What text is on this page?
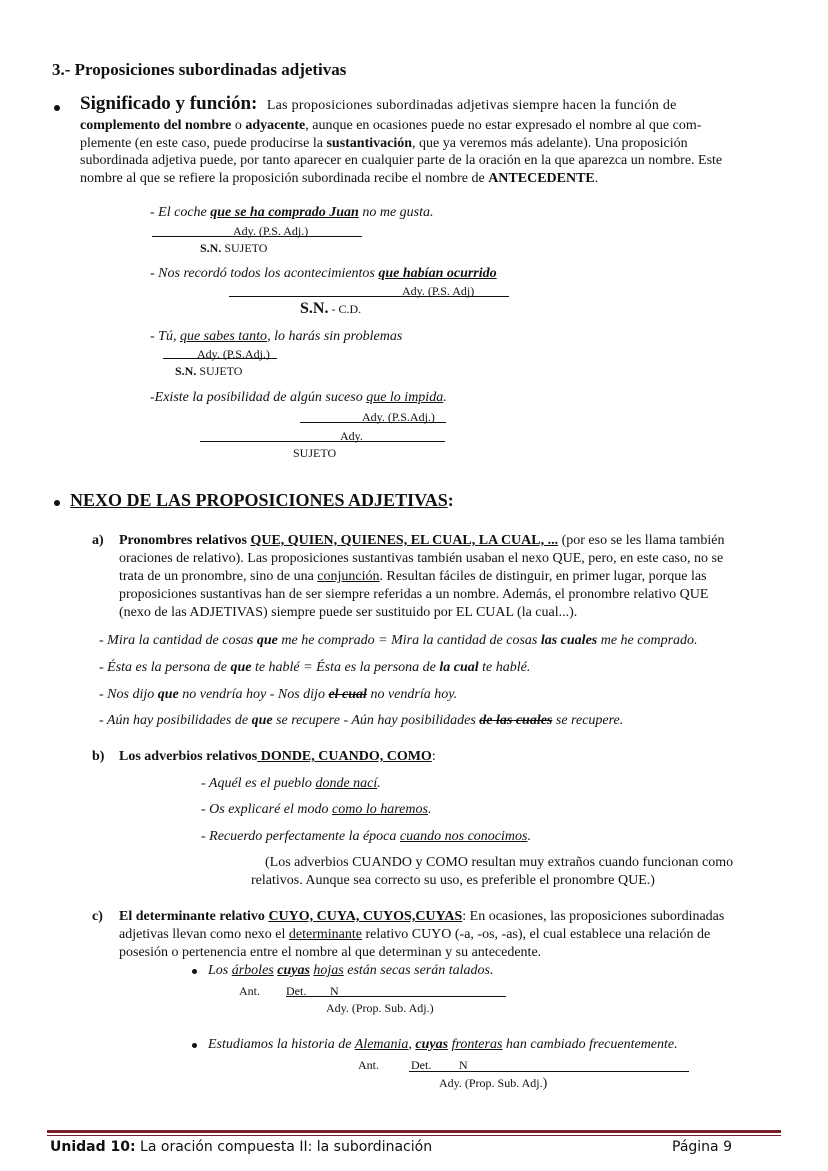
3.- Proposiciones subordinadas adjetivas
Significado y función: Las proposiciones subordinadas adjetivas siempre hacen la función de
complemento del nombre o adyacente, aunque en ocasiones puede no estar expresado el nombre al que com-
plemente (en este caso, puede producirse la sustantivación, que ya veremos más adelante). Una proposición
subordinada adjetiva puede, por tanto aparecer en cualquier parte de la oración en la que aparezca un nombre. Este
nombre al que se refiere la proposición subordinada recibe el nombre de ANTECEDENTE.
- El coche que se ha comprado Juan no me gusta.
Ady. (P.S. Adj.)
S.N. SUJETO
- Nos recordó todos los acontecimientos que habían ocurrido
Ady. (P.S. Adj)
S.N. - C.D.
- Tú, que sabes tanto, lo harás sin problemas
Ady. (P.S.Adj.)
S.N. SUJETO
-Existe la posibilidad de algún suceso que lo impida.
Ady. (P.S.Adj.)
Ady.
SUJETO
NEXO DE LAS PROPOSICIONES ADJETIVAS:
a) Pronombres relativos QUE, QUIEN, QUIENES, EL CUAL, LA CUAL, ... (por eso se les llama también
oraciones de relativo). Las proposiciones sustantivas también usaban el nexo QUE, pero, en este caso, no se
trata de un pronombre, sino de una conjunción. Resultan fáciles de distinguir, en primer lugar, porque las
proposiciones sustantivas han de ser siempre referidas a un nombre. Además, el pronombre relativo QUE
(nexo de las ADJETIVAS) siempre puede ser sustituido por EL CUAL (la cual...).
- Mira la cantidad de cosas que me he comprado = Mira la cantidad de cosas las cuales me he comprado.
- Ésta es la persona de que te hablé = Ésta es la persona de la cual te hablé.
- Nos dijo que no vendría hoy - Nos dijo el cual no vendría hoy.
- Aún hay posibilidades de que se recupere - Aún hay posibilidades de las cuales se recupere.
b) Los adverbios relativos DONDE, CUANDO, COMO:
- Aquél es el pueblo donde nací.
- Os explicaré el modo como lo haremos.
- Recuerdo perfectamente la época cuando nos conocimos.
(Los adverbios CUANDO y COMO resultan muy extraños cuando funcionan como
relativos. Aunque sea correcto su uso, es preferible el pronombre QUE.)
c) El determinante relativo CUYO, CUYA, CUYOS,CUYAS: En ocasiones, las proposiciones subordinadas
adjetivas llevan como nexo el determinante relativo CUYO (-a, -os, -as), el cual establece una relación de
posesión o pertenencia entre el nombre al que determinan y su antecedente.
Los árboles cuyas hojas están secas serán talados.
Ant. Det. N
Ady. (Prop. Sub. Adj.)
Estudiamos la historia de Alemania, cuyas fronteras han cambiado frecuentemente.
Ant.	Det. N
Ady. (Prop. Sub. Adj.)
Unidad 10: La oración compuesta II: la subordinación	Página 9
